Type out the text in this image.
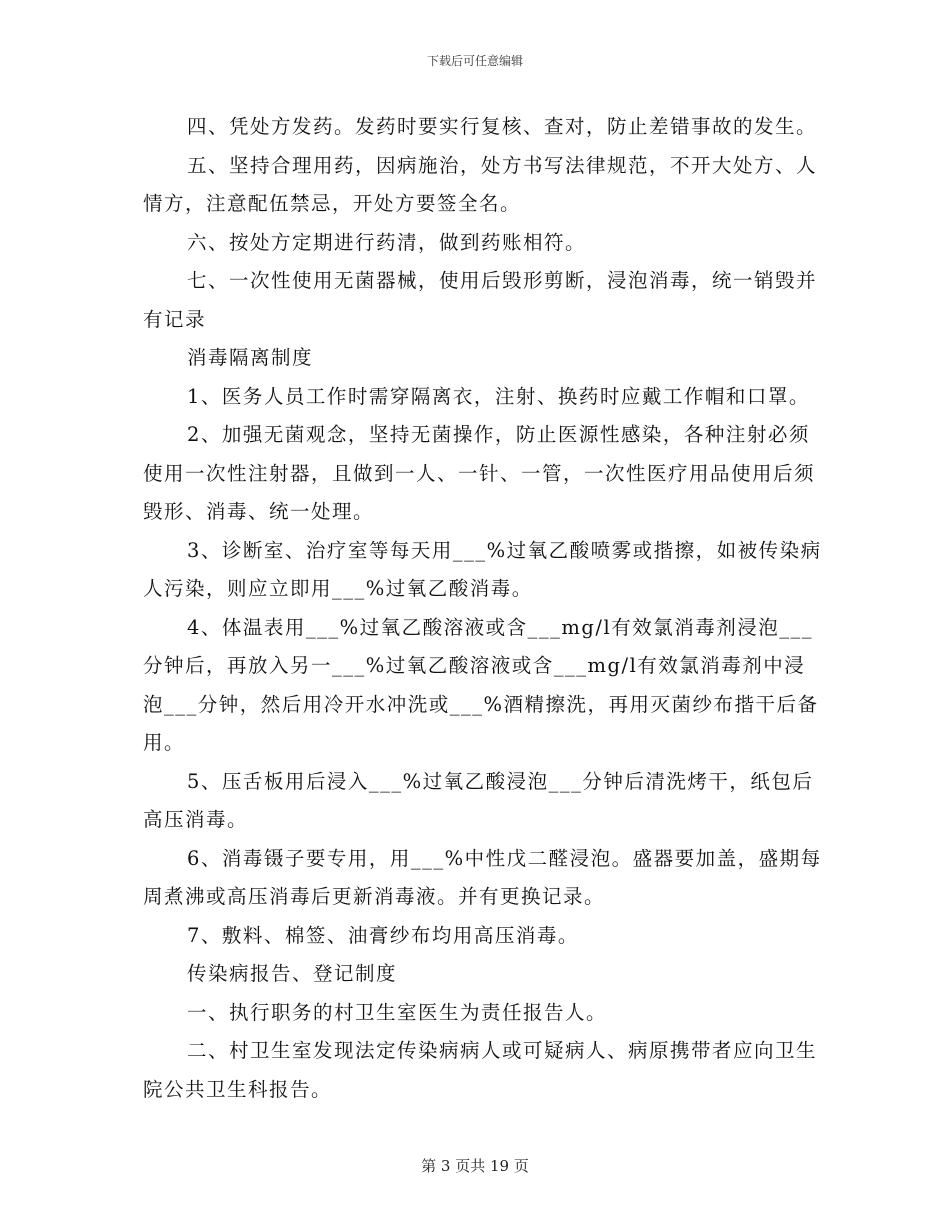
下载后可任意编辑

四、凭处方发药。发药时要实行复核、查对，防止差错事故的发生。

五、坚持合理用药，因病施治，处方书写法律规范，不开大处方、人情方，注意配伍禁忌，开处方要签全名。

六、按处方定期进行药清，做到药账相符。

七、一次性使用无菌器械，使用后毁形剪断，浸泡消毒，统一销毁并有记录

消毒隔离制度

1、医务人员工作时需穿隔离衣，注射、换药时应戴工作帽和口罩。

2、加强无菌观念，坚持无菌操作，防止医源性感染，各种注射必须使用一次性注射器，且做到一人、一针、一管，一次性医疗用品使用后须毁形、消毒、统一处理。

3、诊断室、治疗室等每天用___%过氧乙酸喷雾或揩擦，如被传染病人污染，则应立即用___%过氧乙酸消毒。

4、体温表用___%过氧乙酸溶液或含___mg/l有效氯消毒剂浸泡___分钟后，再放入另一___%过氧乙酸溶液或含___mg/l有效氯消毒剂中浸泡___分钟，然后用冷开水冲洗或___%酒精擦洗，再用灭菌纱布揩干后备用。

5、压舌板用后浸入___%过氧乙酸浸泡___分钟后清洗烤干，纸包后高压消毒。

6、消毒镊子要专用，用___%中性戊二醛浸泡。盛器要加盖，盛期每周煮沸或高压消毒后更新消毒液。并有更换记录。

7、敷料、棉签、油膏纱布均用高压消毒。

传染病报告、登记制度

一、执行职务的村卫生室医生为责任报告人。

二、村卫生室发现法定传染病病人或可疑病人、病原携带者应向卫生院公共卫生科报告。

第 3 页共 19 页
